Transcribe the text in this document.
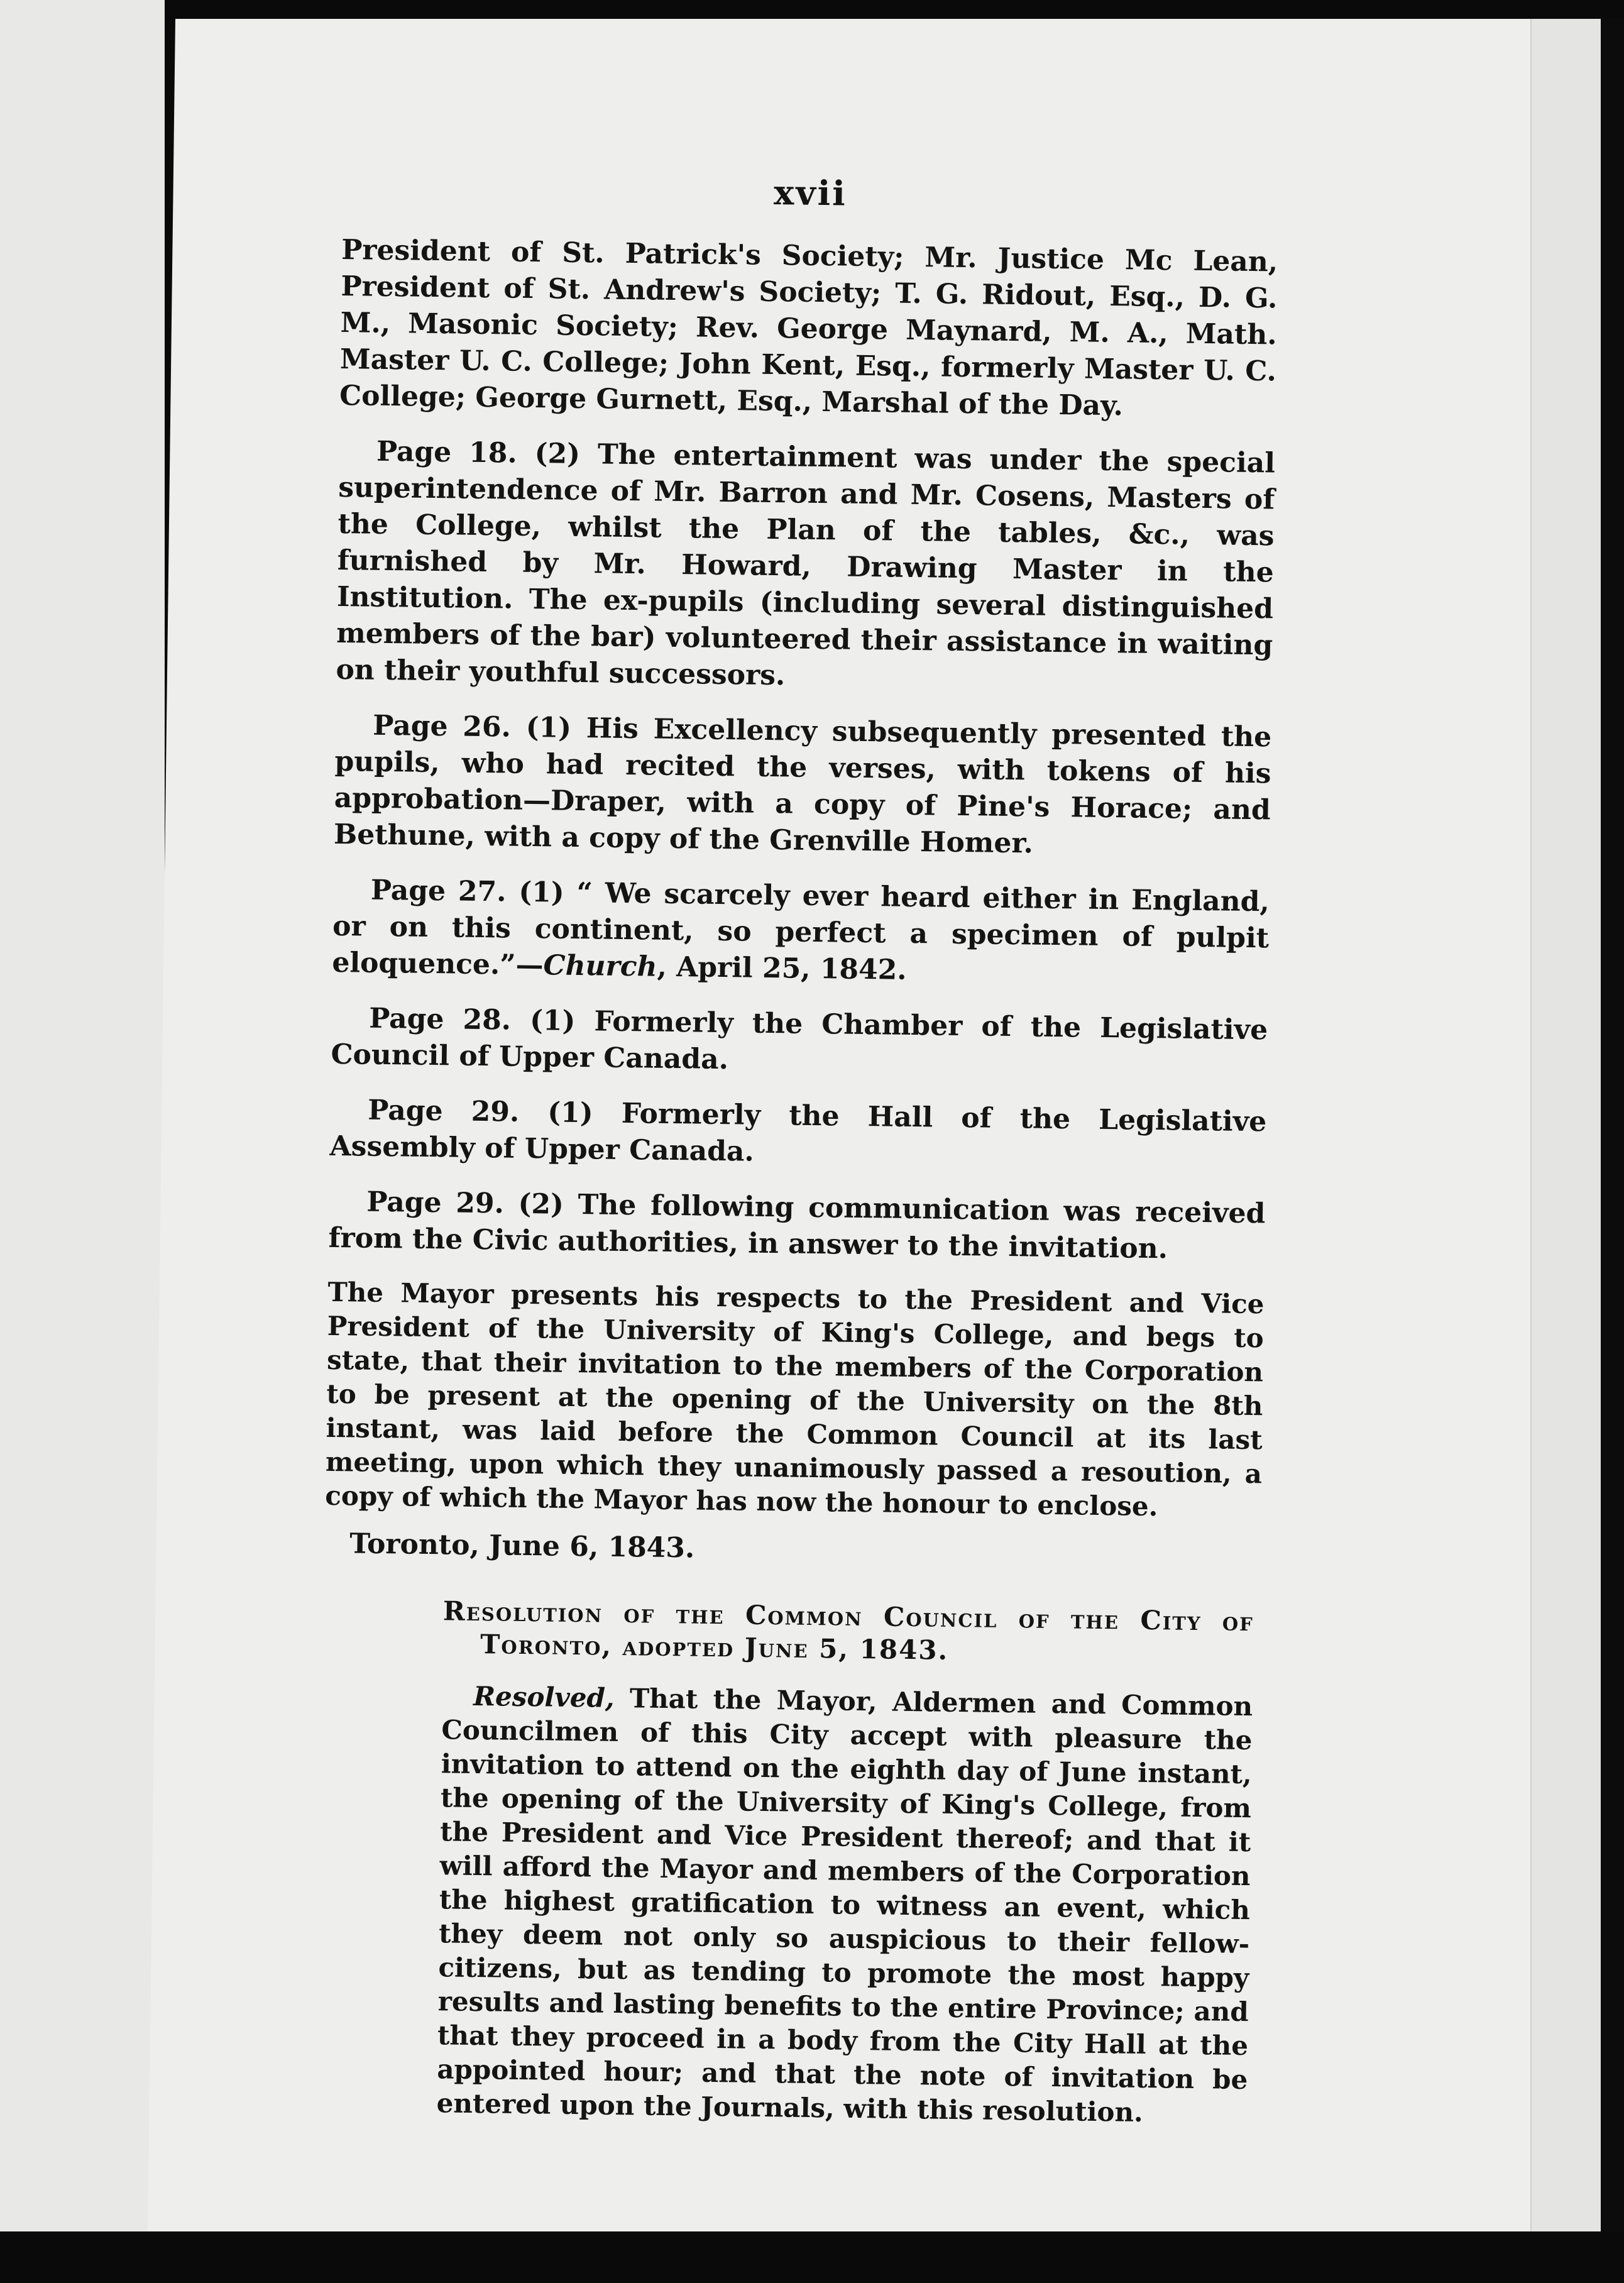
xvii

President of St. Patrick's Society; Mr. Justice Mc Lean, President of St. Andrew's Society; T. G. Ridout, Esq., D. G. M., Masonic Society; Rev. George Maynard, M. A., Math. Master U. C. College; John Kent, Esq., formerly Master U. C. College; George Gurnett, Esq., Marshal of the Day.

Page 18. (2) The entertainment was under the special superintendence of Mr. Barron and Mr. Cosens, Masters of the College, whilst the Plan of the tables, &c., was furnished by Mr. Howard, Drawing Master in the Institution. The ex-pupils (including several distinguished members of the bar) volunteered their assistance in waiting on their youthful successors.

Page 26. (1) His Excellency subsequently presented the pupils, who had recited the verses, with tokens of his approbation—Draper, with a copy of Pine's Horace; and Bethune, with a copy of the Grenville Homer.

Page 27. (1) “ We scarcely ever heard either in England, or on this continent, so perfect a specimen of pulpit eloquence.”—Church, April 25, 1842.

Page 28. (1) Formerly the Chamber of the Legislative Council of Upper Canada.

Page 29. (1) Formerly the Hall of the Legislative Assembly of Upper Canada.

Page 29. (2) The following communication was received from the Civic authorities, in answer to the invitation.

The Mayor presents his respects to the President and Vice President of the University of King's College, and begs to state, that their invitation to the members of the Corporation to be present at the opening of the University on the 8th instant, was laid before the Common Council at its last meeting, upon which they unanimously passed a resoution, a copy of which the Mayor has now the honour to enclose.

Toronto, June 6, 1843.

Resolution of the Common Council of the City of Toronto, adopted June 5, 1843.

Resolved, That the Mayor, Aldermen and Common Councilmen of this City accept with pleasure the invitation to attend on the eighth day of June instant, the opening of the University of King's College, from the President and Vice President thereof; and that it will afford the Mayor and members of the Corporation the highest gratification to witness an event, which they deem not only so auspicious to their fellow-citizens, but as tending to promote the most happy results and lasting benefits to the entire Province; and that they proceed in a body from the City Hall at the appointed hour; and that the note of invitation be entered upon the Journals, with this resolution.
